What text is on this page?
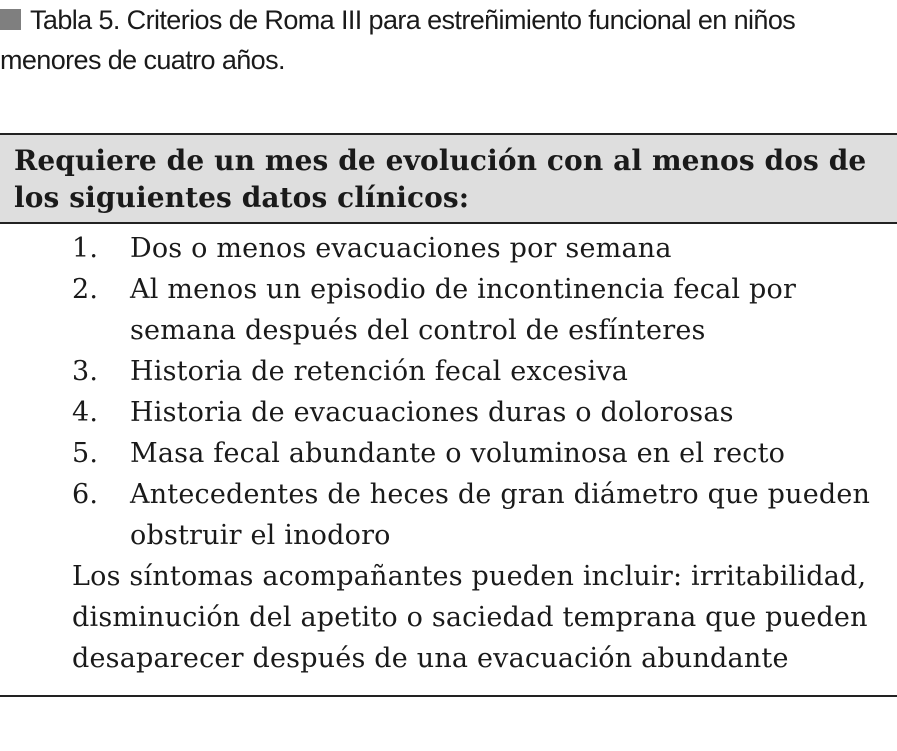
Tabla 5. Criterios de Roma III para estreñimiento funcional en niños menores de cuatro años.
Requiere de un mes de evolución con al menos dos de los siguientes datos clínicos:
1.	Dos o menos evacuaciones por semana
2.	Al menos un episodio de incontinencia fecal por semana después del control de esfínteres
3.	Historia de retención fecal excesiva
4.	Historia de evacuaciones duras o dolorosas
5.	Masa fecal abundante o voluminosa en el recto
6.	Antecedentes de heces de gran diámetro que pueden obstruir el inodoro

Los síntomas acompañantes pueden incluir: irritabilidad, disminución del apetito o saciedad temprana que pueden desaparecer después de una evacuación abundante
